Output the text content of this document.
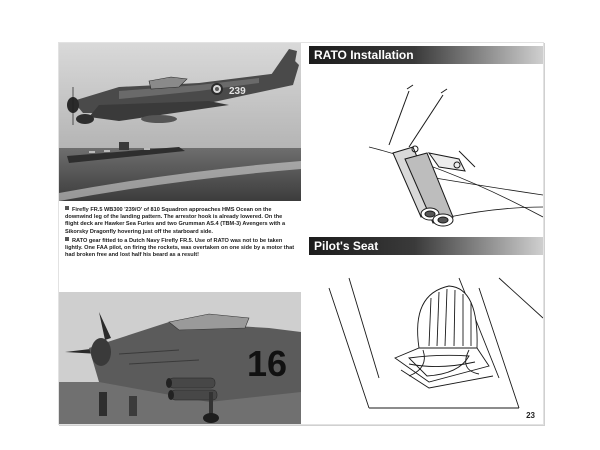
239
Firefly FR.5 WB300 '239/O' of 810 Squadron approaches HMS Ocean on the downwind leg of the landing pattern. The arrestor hook is already lowered. On the flight deck are Hawker Sea Furies and two Grumman AS.4 (TBM-3) Avengers with a Sikorsky Dragonfly hovering just off the starboard side.
RATO gear fitted to a Dutch Navy Firefly FR.5. Use of RATO was not to be taken lightly. One FAA pilot, on firing the rockets, was overtaken on one side by a motor that had broken free and lost half his beard as a result!
16
RATO Installation
Pilot's Seat
23
